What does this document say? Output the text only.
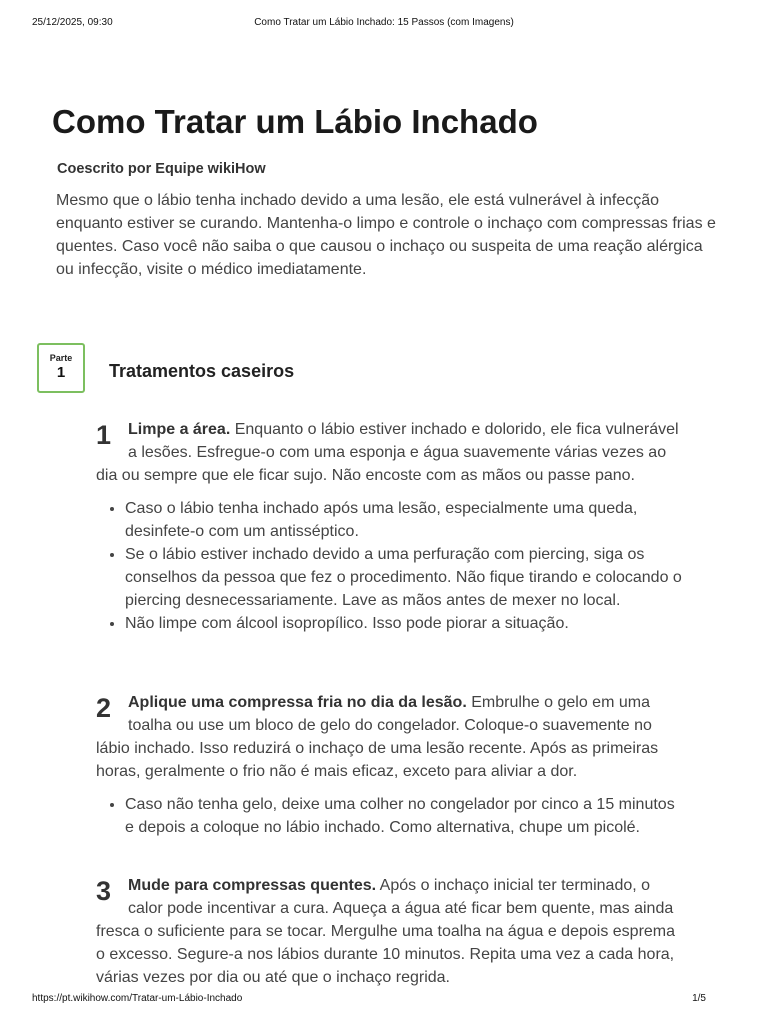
25/12/2025, 09:30	Como Tratar um Lábio Inchado: 15 Passos (com Imagens)
Como Tratar um Lábio Inchado
Coescrito por Equipe wikiHow

Mesmo que o lábio tenha inchado devido a uma lesão, ele está vulnerável à infecção enquanto estiver se curando. Mantenha-o limpo e controle o inchaço com compressas frias e quentes. Caso você não saiba o que causou o inchaço ou suspeita de uma reação alérgica ou infecção, visite o médico imediatamente.

Parte
1	Tratamentos caseiros
1	Limpe a área. Enquanto o lábio estiver inchado e dolorido, ele fica vulnerável a lesões. Esfregue-o com uma esponja e água suavemente várias vezes ao dia ou sempre que ele ficar sujo. Não encoste com as mãos ou passe pano.
• Caso o lábio tenha inchado após uma lesão, especialmente uma queda, desinfete-o com um antisséptico.
• Se o lábio estiver inchado devido a uma perfuração com piercing, siga os conselhos da pessoa que fez o procedimento. Não fique tirando e colocando o piercing desnecessariamente. Lave as mãos antes de mexer no local.
• Não limpe com álcool isopropílico. Isso pode piorar a situação.
2	Aplique uma compressa fria no dia da lesão. Embrulhe o gelo em uma toalha ou use um bloco de gelo do congelador. Coloque-o suavemente no lábio inchado. Isso reduzirá o inchaço de uma lesão recente. Após as primeiras horas, geralmente o frio não é mais eficaz, exceto para aliviar a dor.
• Caso não tenha gelo, deixe uma colher no congelador por cinco a 15 minutos e depois a coloque no lábio inchado. Como alternativa, chupe um picolé.
3	Mude para compressas quentes. Após o inchaço inicial ter terminado, o calor pode incentivar a cura. Aqueça a água até ficar bem quente, mas ainda fresca o suficiente para se tocar. Mergulhe uma toalha na água e depois esprema o excesso. Segure-a nos lábios durante 10 minutos. Repita uma vez a cada hora, várias vezes por dia ou até que o inchaço regrida.
https://pt.wikihow.com/Tratar-um-Lábio-Inchado	1/5
